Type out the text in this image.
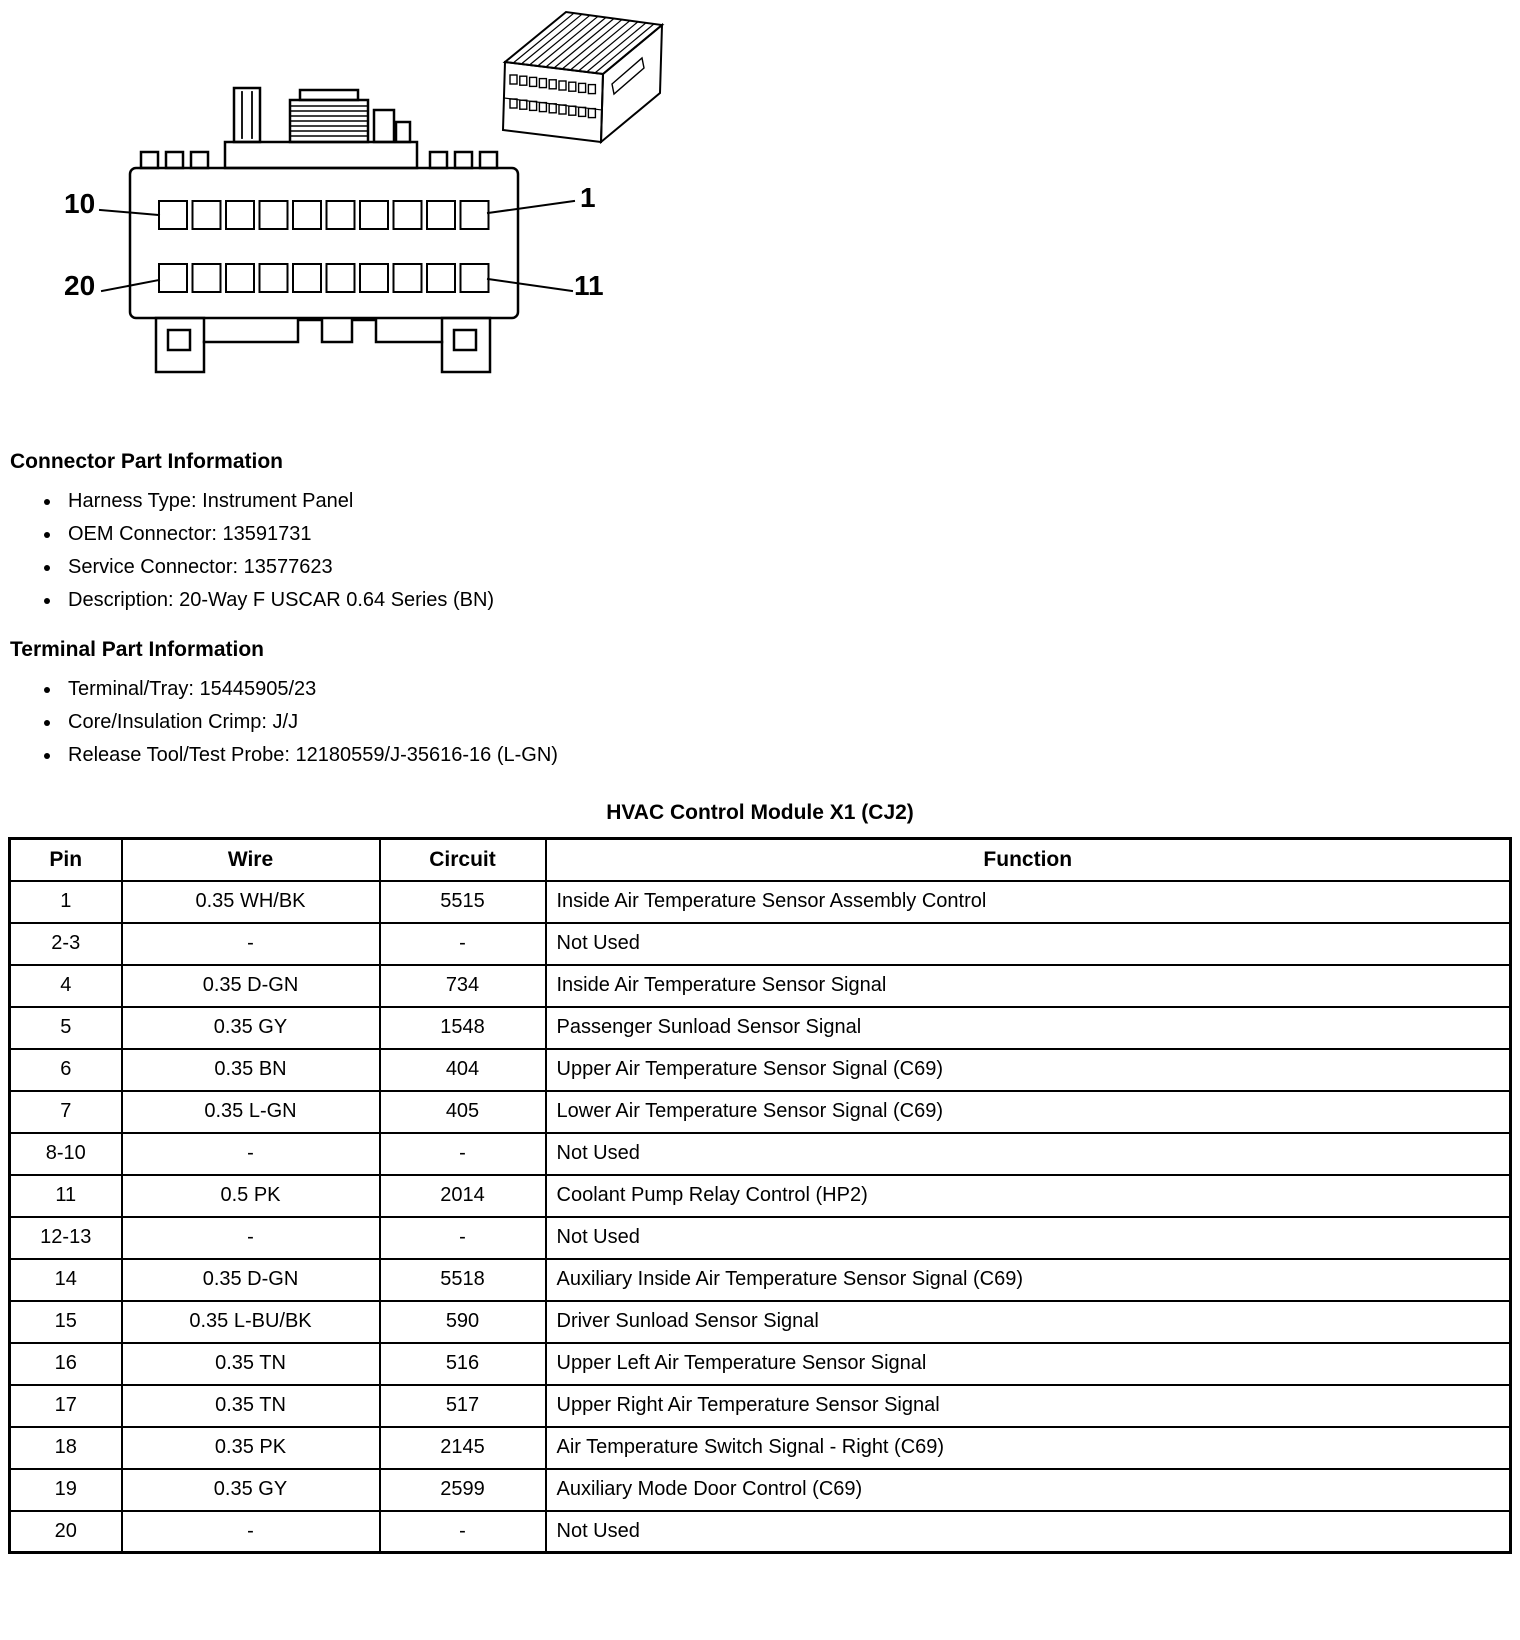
10	1
20	11
Connector Part Information
• Harness Type: Instrument Panel
• OEM Connector: 13591731
• Service Connector: 13577623
• Description: 20-Way F USCAR 0.64 Series (BN)
Terminal Part Information
• Terminal/Tray: 15445905/23
• Core/Insulation Crimp: J/J
• Release Tool/Test Probe: 12180559/J-35616-16 (L-GN)
HVAC Control Module X1 (CJ2)
Pin	Wire	Circuit	Function
1	0.35 WH/BK	5515	Inside Air Temperature Sensor Assembly Control
2-3	-	-	Not Used
4	0.35 D-GN	734	Inside Air Temperature Sensor Signal
5	0.35 GY	1548	Passenger Sunload Sensor Signal
6	0.35 BN	404	Upper Air Temperature Sensor Signal (C69)
7	0.35 L-GN	405	Lower Air Temperature Sensor Signal (C69)
8-10	-	-	Not Used
11	0.5 PK	2014	Coolant Pump Relay Control (HP2)
12-13	-	-	Not Used
14	0.35 D-GN	5518	Auxiliary Inside Air Temperature Sensor Signal (C69)
15	0.35 L-BU/BK	590	Driver Sunload Sensor Signal
16	0.35 TN	516	Upper Left Air Temperature Sensor Signal
17	0.35 TN	517	Upper Right Air Temperature Sensor Signal
18	0.35 PK	2145	Air Temperature Switch Signal - Right (C69)
19	0.35 GY	2599	Auxiliary Mode Door Control (C69)
20	-	-	Not Used
